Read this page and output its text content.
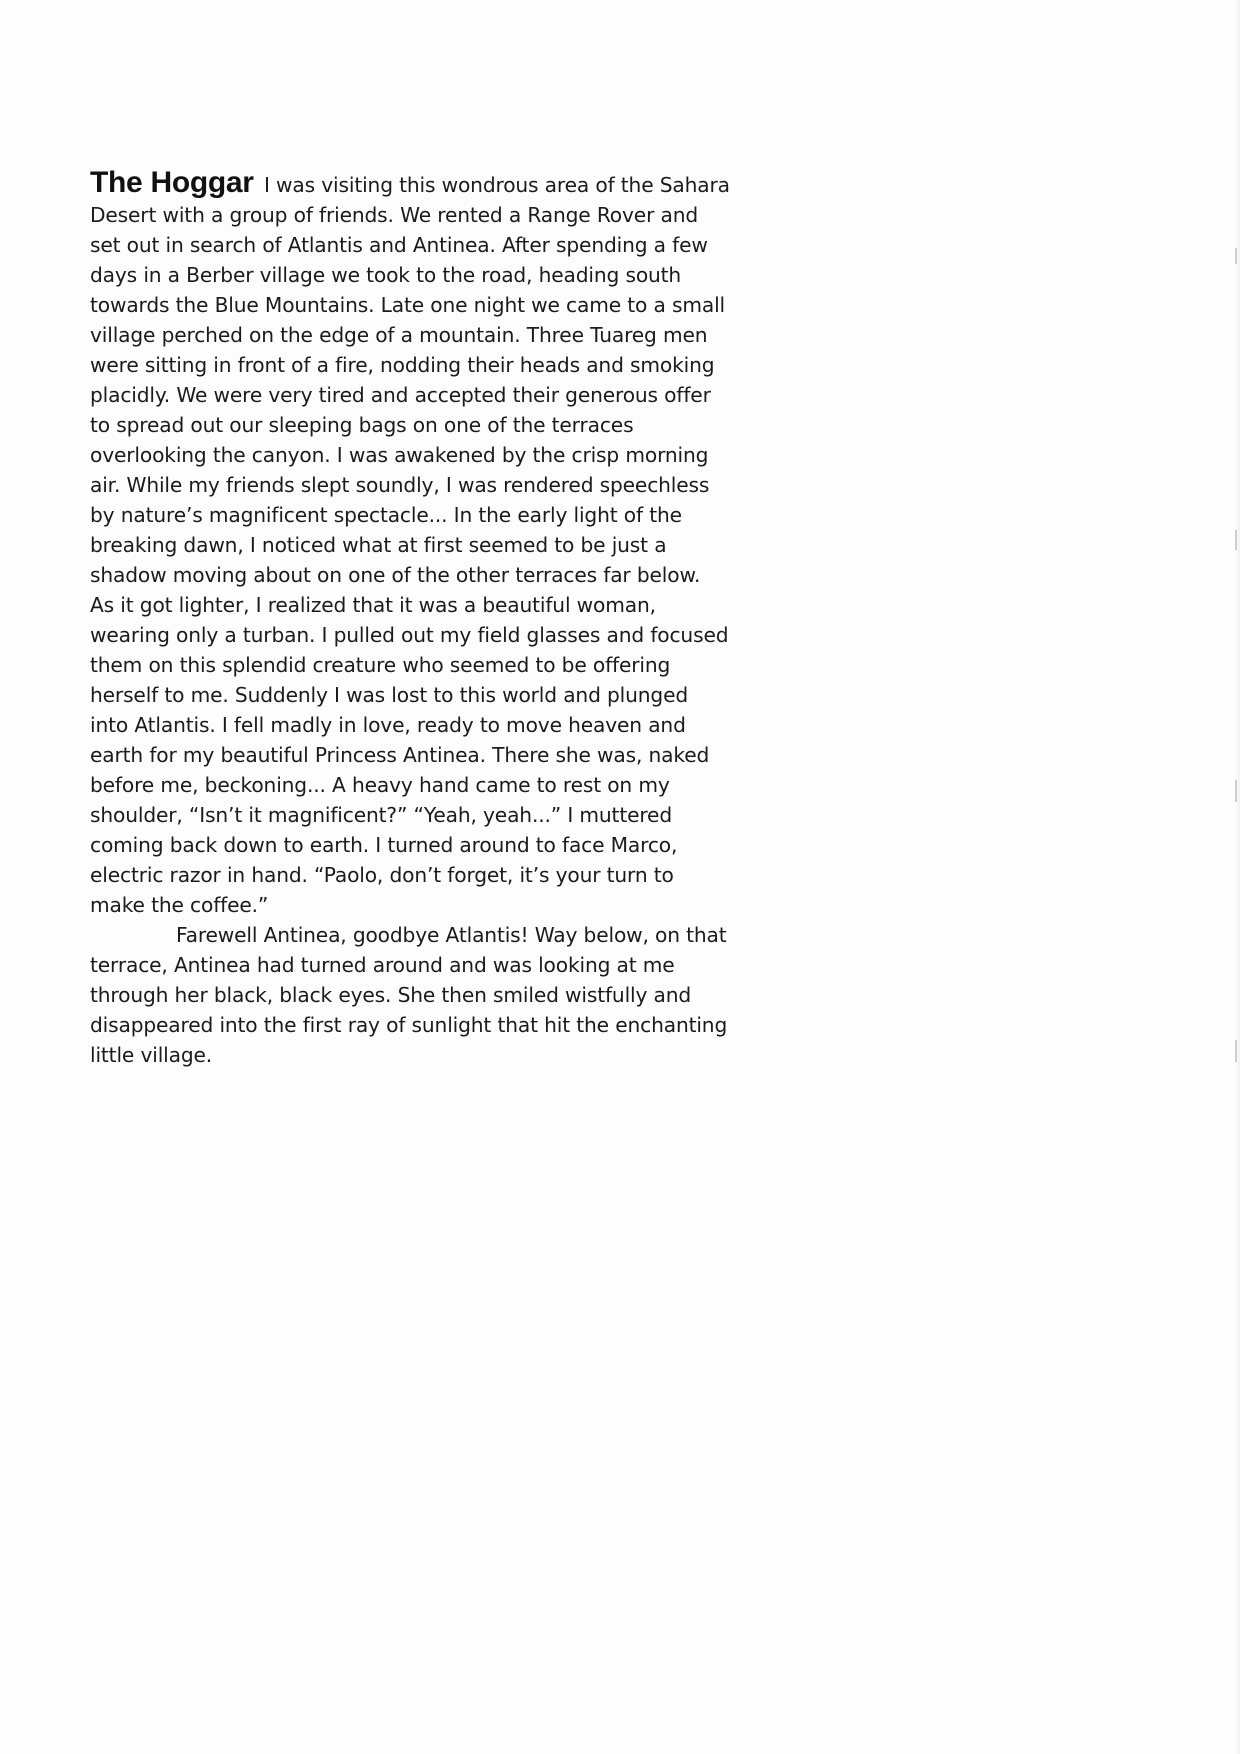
The Hoggar I was visiting this wondrous area of the Sahara Desert with a group of friends. We rented a Range Rover and set out in search of Atlantis and Antinea. After spending a few days in a Berber village we took to the road, heading south towards the Blue Mountains. Late one night we came to a small village perched on the edge of a mountain. Three Tuareg men were sitting in front of a fire, nodding their heads and smoking placidly. We were very tired and accepted their generous offer to spread out our sleeping bags on one of the terraces overlooking the canyon. I was awakened by the crisp morning air. While my friends slept soundly, I was rendered speechless by nature’s magnificent spectacle... In the early light of the breaking dawn, I noticed what at first seemed to be just a shadow moving about on one of the other terraces far below. As it got lighter, I realized that it was a beautiful woman, wearing only a turban. I pulled out my field glasses and focused them on this splendid creature who seemed to be offering herself to me. Suddenly I was lost to this world and plunged into Atlantis. I fell madly in love, ready to move heaven and earth for my beautiful Princess Antinea. There she was, naked before me, beckoning... A heavy hand came to rest on my shoulder, “Isn’t it magnificent?” “Yeah, yeah...” I muttered coming back down to earth. I turned around to face Marco, electric razor in hand. “Paolo, don’t forget, it’s your turn to make the coffee.”

Farewell Antinea, goodbye Atlantis! Way below, on that terrace, Antinea had turned around and was looking at me through her black, black eyes. She then smiled wistfully and disappeared into the first ray of sunlight that hit the enchanting little village.
